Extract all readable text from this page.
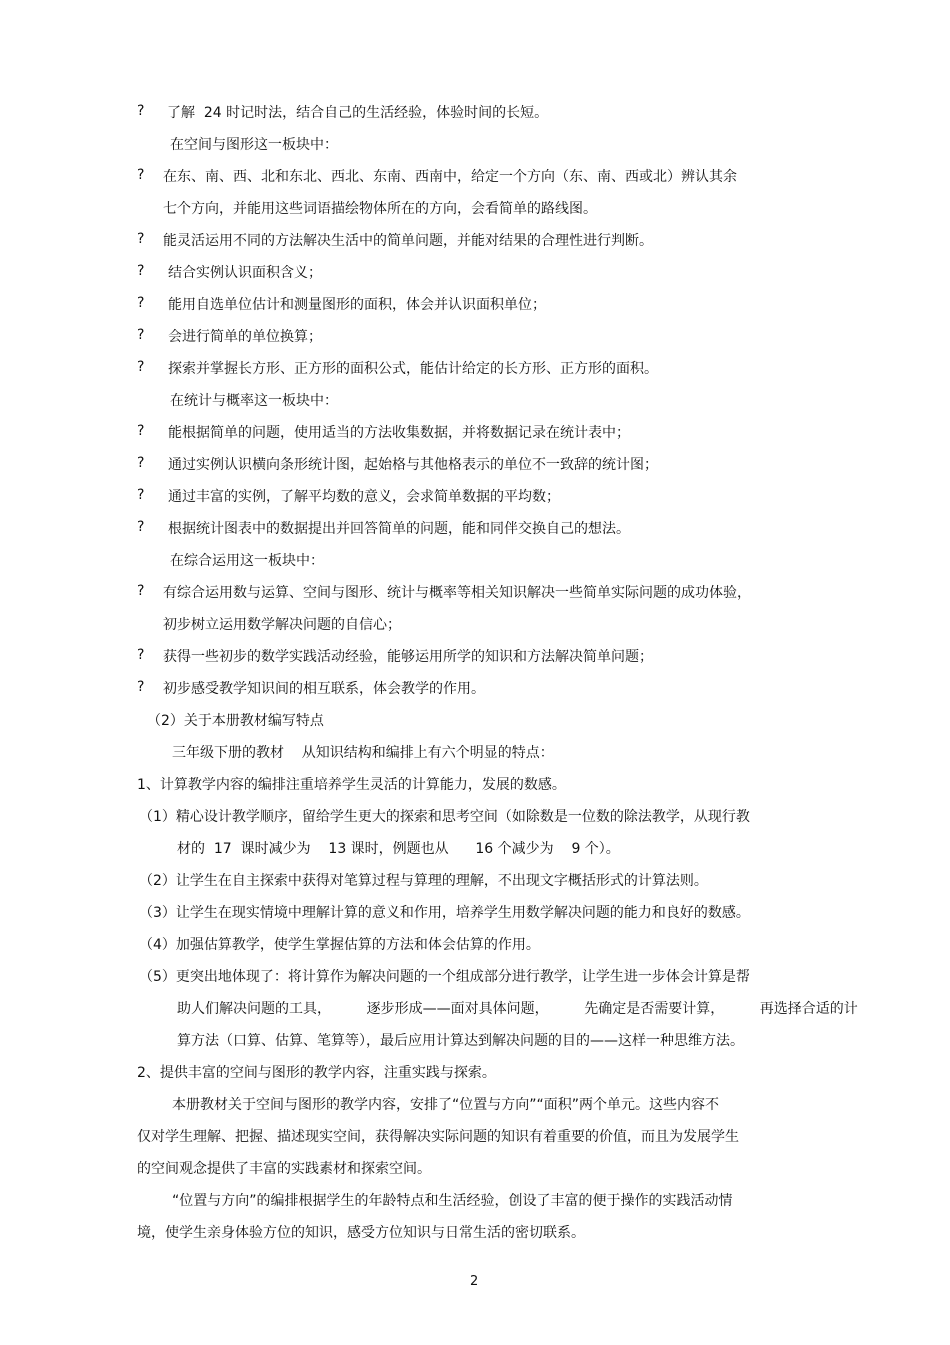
?	了解  24 时记时法，结合自己的生活经验，体验时间的长短。
在空间与图形这一板块中：
?	在东、南、西、北和东北、西北、东南、西南中，给定一个方向（东、南、西或北）辨认其余
七个方向，并能用这些词语描绘物体所在的方向，会看简单的路线图。
?	能灵活运用不同的方法解决生活中的简单问题，并能对结果的合理性进行判断。
?	结合实例认识面积含义；
?	能用自选单位估计和测量图形的面积，体会并认识面积单位；
?	会进行简单的单位换算；
?	探索并掌握长方形、正方形的面积公式，能估计给定的长方形、正方形的面积。
在统计与概率这一板块中：
?	能根据简单的问题，使用适当的方法收集数据，并将数据记录在统计表中；
?	通过实例认识横向条形统计图，起始格与其他格表示的单位不一致辞的统计图；
?	通过丰富的实例，了解平均数的意义，会求简单数据的平均数；
?	根据统计图表中的数据提出并回答简单的问题，能和同伴交换自己的想法。
在综合运用这一板块中：
?	有综合运用数与运算、空间与图形、统计与概率等相关知识解决一些简单实际问题的成功体验，
初步树立运用数学解决问题的自信心；
?	获得一些初步的数学实践活动经验，能够运用所学的知识和方法解决简单问题；
?	初步感受教学知识间的相互联系，体会教学的作用。
（2）关于本册教材编写特点
三年级下册的教材    从知识结构和编排上有六个明显的特点：
1、计算教学内容的编排注重培养学生灵活的计算能力，发展的数感。
（1）精心设计教学顺序，留给学生更大的探索和思考空间（如除数是一位数的除法教学，从现行教
材的  17  课时减少为    13 课时，例题也从      16 个减少为    9 个）。
（2）让学生在自主探索中获得对笔算过程与算理的理解，不出现文字概括形式的计算法则。
（3）让学生在现实情境中理解计算的意义和作用，培养学生用数学解决问题的能力和良好的数感。
（4）加强估算教学，使学生掌握估算的方法和体会估算的作用。
（5）更突出地体现了：将计算作为解决问题的一个组成部分进行教学，让学生进一步体会计算是帮
助人们解决问题的工具，        逐步形成——面对具体问题，        先确定是否需要计算，        再选择合适的计
算方法（口算、估算、笔算等），最后应用计算达到解决问题的目的——这样一种思维方法。
2、提供丰富的空间与图形的教学内容，注重实践与探索。
本册教材关于空间与图形的教学内容，安排了“位置与方向”“面积”两个单元。这些内容不
仅对学生理解、把握、描述现实空间，获得解决实际问题的知识有着重要的价值，而且为发展学生
的空间观念提供了丰富的实践素材和探索空间。
“位置与方向”的编排根据学生的年龄特点和生活经验，创设了丰富的便于操作的实践活动情
境，使学生亲身体验方位的知识，感受方位知识与日常生活的密切联系。
2
